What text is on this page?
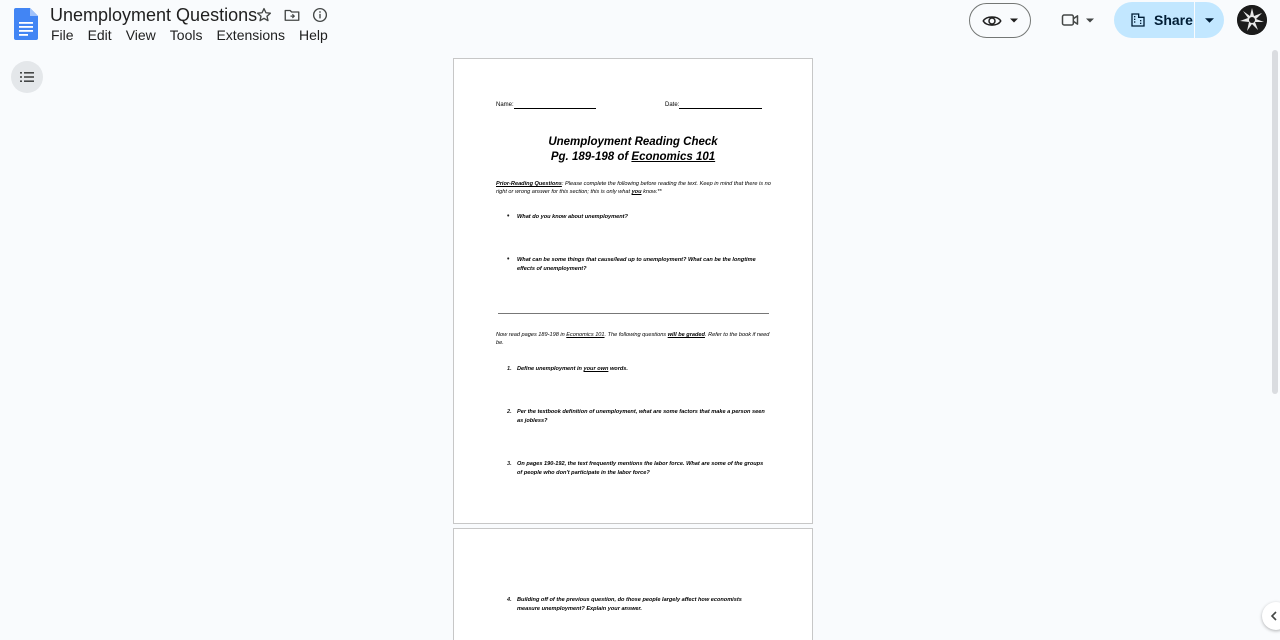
Unemployment Questions
File	Edit	View	Tools	Extensions	Help
Share
Name:	Date:
Unemployment Reading Check
Pg. 189-198 of Economics 101
Prior-Reading Questions: Please complete the following before reading the text. Keep in mind that there is no right or wrong answer for this section; this is only what you know.**
• What do you know about unemployment?
• What can be some things that cause/lead up to unemployment? What can be the longtime effects of unemployment?
Now read pages 189-198 in Economics 101. The following questions will be graded. Refer to the book if need be.
1. Define unemployment in your own words.
2. Per the textbook definition of unemployment, what are some factors that make a person seen as jobless?
3. On pages 190-192, the text frequently mentions the labor force. What are some of the groups of people who don't participate in the labor force?
4. Building off of the previous question, do those people largely affect how economists measure unemployment? Explain your answer.
